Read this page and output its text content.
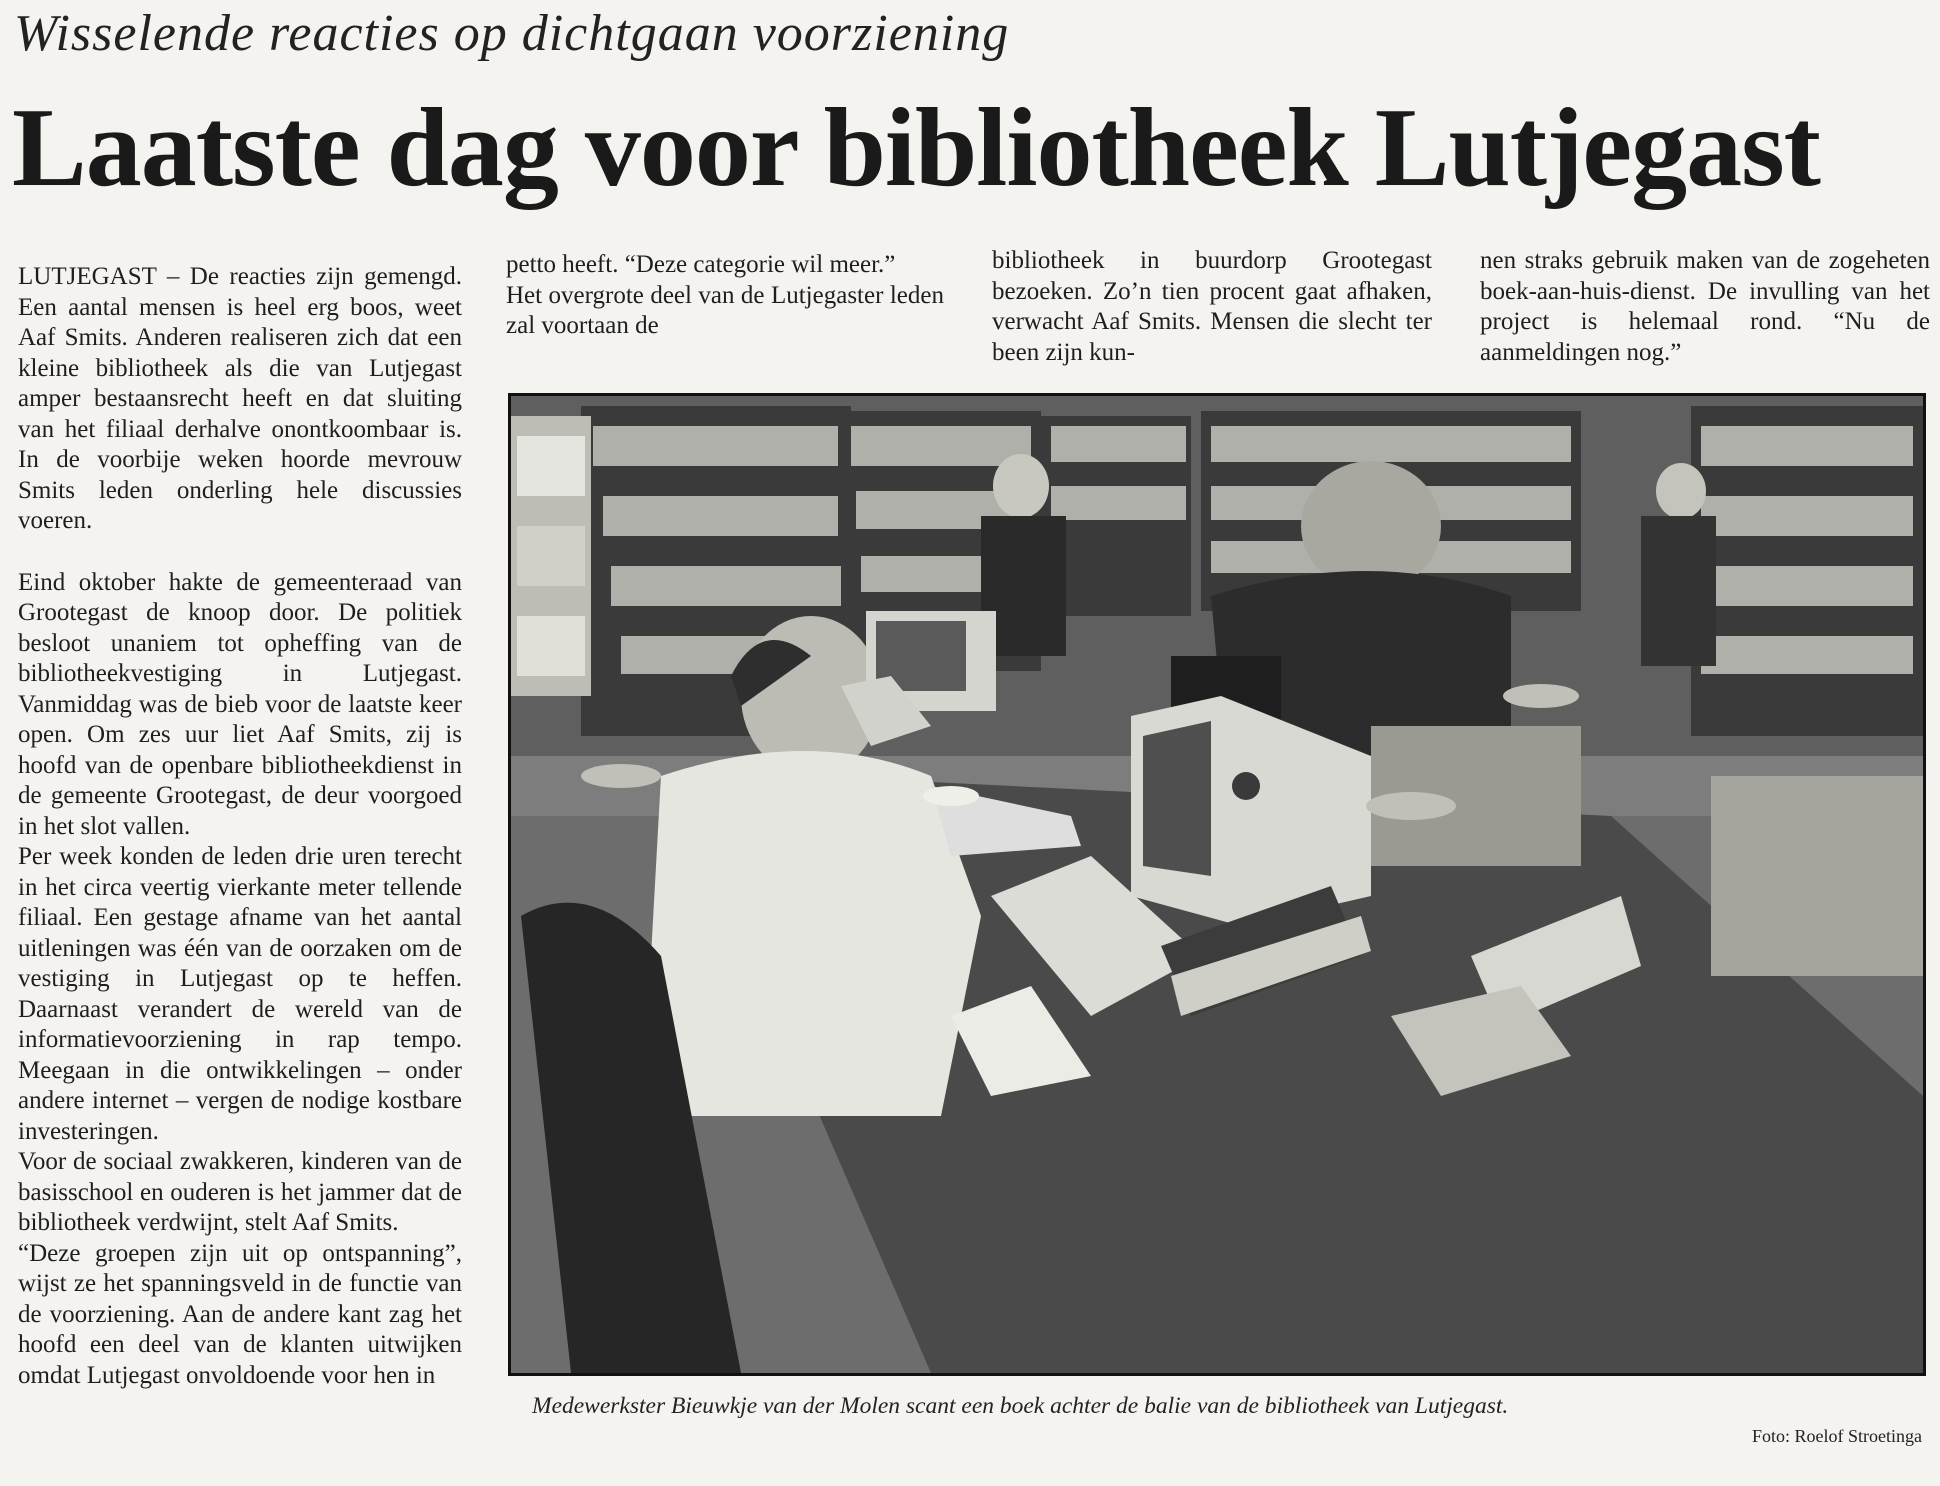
Wisselende reacties op dichtgaan voorziening
Laatste dag voor bibliotheek Lutjegast

LUTJEGAST – De reacties zijn gemengd. Een aantal mensen is heel erg boos, weet Aaf Smits. Anderen realiseren zich dat een kleine bibliotheek als die van Lutjegast amper bestaansrecht heeft en dat sluiting van het filiaal derhalve onontkoombaar is. In de voorbije weken hoorde mevrouw Smits leden onderling hele discussies voeren.

Eind oktober hakte de gemeenteraad van Grootegast de knoop door. De politiek besloot unaniem tot opheffing van de bibliotheekvestiging in Lutjegast. Vanmiddag was de bieb voor de laatste keer open. Om zes uur liet Aaf Smits, zij is hoofd van de openbare bibliotheekdienst in de gemeente Grootegast, de deur voorgoed in het slot vallen.

Per week konden de leden drie uren terecht in het circa veertig vierkante meter tellende filiaal. Een gestage afname van het aantal uitleningen was één van de oorzaken om de vestiging in Lutjegast op te heffen. Daarnaast verandert de wereld van de informatievoorziening in rap tempo. Meegaan in die ontwikkelingen – onder andere internet – vergen de nodige kostbare investeringen.

Voor de sociaal zwakkeren, kinderen van de basisschool en ouderen is het jammer dat de bibliotheek verdwijnt, stelt Aaf Smits.

“Deze groepen zijn uit op ontspanning”, wijst ze het spanningsveld in de functie van de voorziening. Aan de andere kant zag het hoofd een deel van de klanten uitwijken omdat Lutjegast onvoldoende voor hen in

petto heeft. “Deze categorie wil meer.”

Het overgrote deel van de Lutjegaster leden zal voortaan de

bibliotheek in buurdorp Grootegast bezoeken. Zo’n tien procent gaat afhaken, verwacht Aaf Smits. Mensen die slecht ter been zijn kun-

nen straks gebruik maken van de zogeheten boek-aan-huis-dienst. De invulling van het project is helemaal rond. “Nu de aanmeldingen nog.”

Medewerkster Bieuwkje van der Molen scant een boek achter de balie van de bibliotheek van Lutjegast.
Foto: Roelof Stroetinga
